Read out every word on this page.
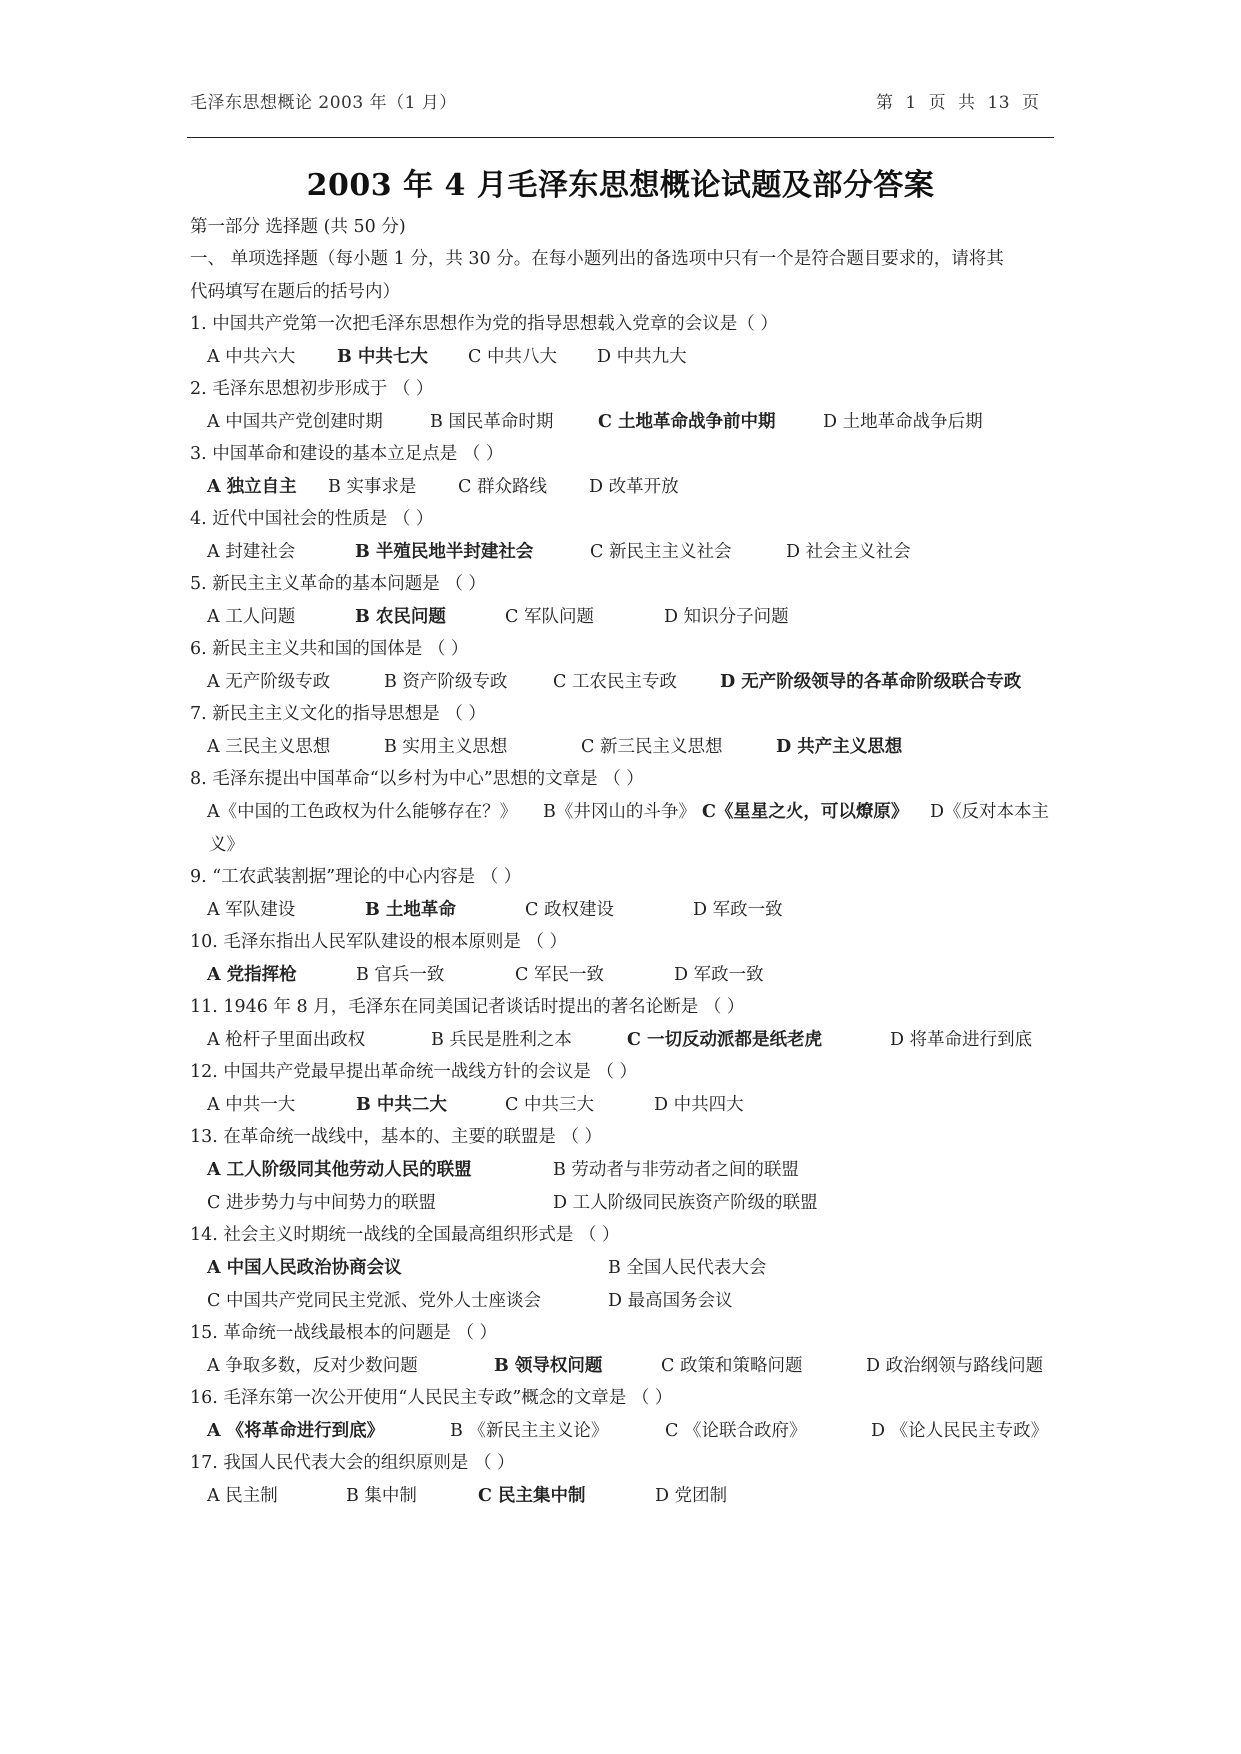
毛泽东思想概论 2003 年（1 月）	第 1 页 共 13 页
2003 年 4 月毛泽东思想概论试题及部分答案
第一部分 选择题 (共 50 分)
一、 单项选择题（每小题 1 分，共 30 分。在每小题列出的备选项中只有一个是符合题目要求的，请将其
代码填写在题后的括号内）
1. 中国共产党第一次把毛泽东思想作为党的指导思想载入党章的会议是（ ）
A 中共六大 B 中共七大 C 中共八大 D 中共九大
2. 毛泽东思想初步形成于 （ ）
A 中国共产党创建时期	B 国民革命时期	C 土地革命战争前中期	D 土地革命战争后期
3. 中国革命和建设的基本立足点是 （ ）
A 独立自主 B 实事求是 C 群众路线 D 改革开放
4. 近代中国社会的性质是 （ ）
A 封建社会	B 半殖民地半封建社会	C 新民主主义社会	D 社会主义社会
5. 新民主主义革命的基本问题是 （ ）
A 工人问题	B 农民问题	C 军队问题	D 知识分子问题
6. 新民主主义共和国的国体是 （ ）
A 无产阶级专政	B 资产阶级专政	C 工农民主专政 D 无产阶级领导的各革命阶级联合专政
7. 新民主主义文化的指导思想是 （ ）
A 三民主义思想	B 实用主义思想	C 新三民主义思想	D 共产主义思想
8. 毛泽东提出中国革命“以乡村为中心”思想的文章是 （ ）
A《中国的工色政权为什么能够存在？》 B《井冈山的斗争》 C《星星之火，可以燎原》 D《反对本本主
义》
9. “工农武装割据”理论的中心内容是 （ ）
A 军队建设	B 土地革命	C 政权建设	D 军政一致
10. 毛泽东指出人民军队建设的根本原则是 （ ）
A 党指挥枪	B 官兵一致	C 军民一致	D 军政一致
11. 1946 年 8 月，毛泽东在同美国记者谈话时提出的著名论断是 （ ）
A 枪杆子里面出政权	B 兵民是胜利之本	C 一切反动派都是纸老虎	D 将革命进行到底
12. 中国共产党最早提出革命统一战线方针的会议是 （ ）
A 中共一大	B 中共二大	C 中共三大	D 中共四大
13. 在革命统一战线中，基本的、主要的联盟是 （ ）
A 工人阶级同其他劳动人民的联盟	B 劳动者与非劳动者之间的联盟
C 进步势力与中间势力的联盟	D 工人阶级同民族资产阶级的联盟
14. 社会主义时期统一战线的全国最高组织形式是 （ ）
A 中国人民政治协商会议	B 全国人民代表大会
C 中国共产党同民主党派、党外人士座谈会	D 最高国务会议
15. 革命统一战线最根本的问题是 （ ）
A 争取多数，反对少数问题	B 领导权问题	C 政策和策略问题	D 政治纲领与路线问题
16. 毛泽东第一次公开使用“人民民主专政”概念的文章是 （ ）
A 《将革命进行到底》	B 《新民主主义论》	C 《论联合政府》	D 《论人民民主专政》
17. 我国人民代表大会的组织原则是 （ ）
A 民主制	B 集中制	C 民主集中制	D 党团制
